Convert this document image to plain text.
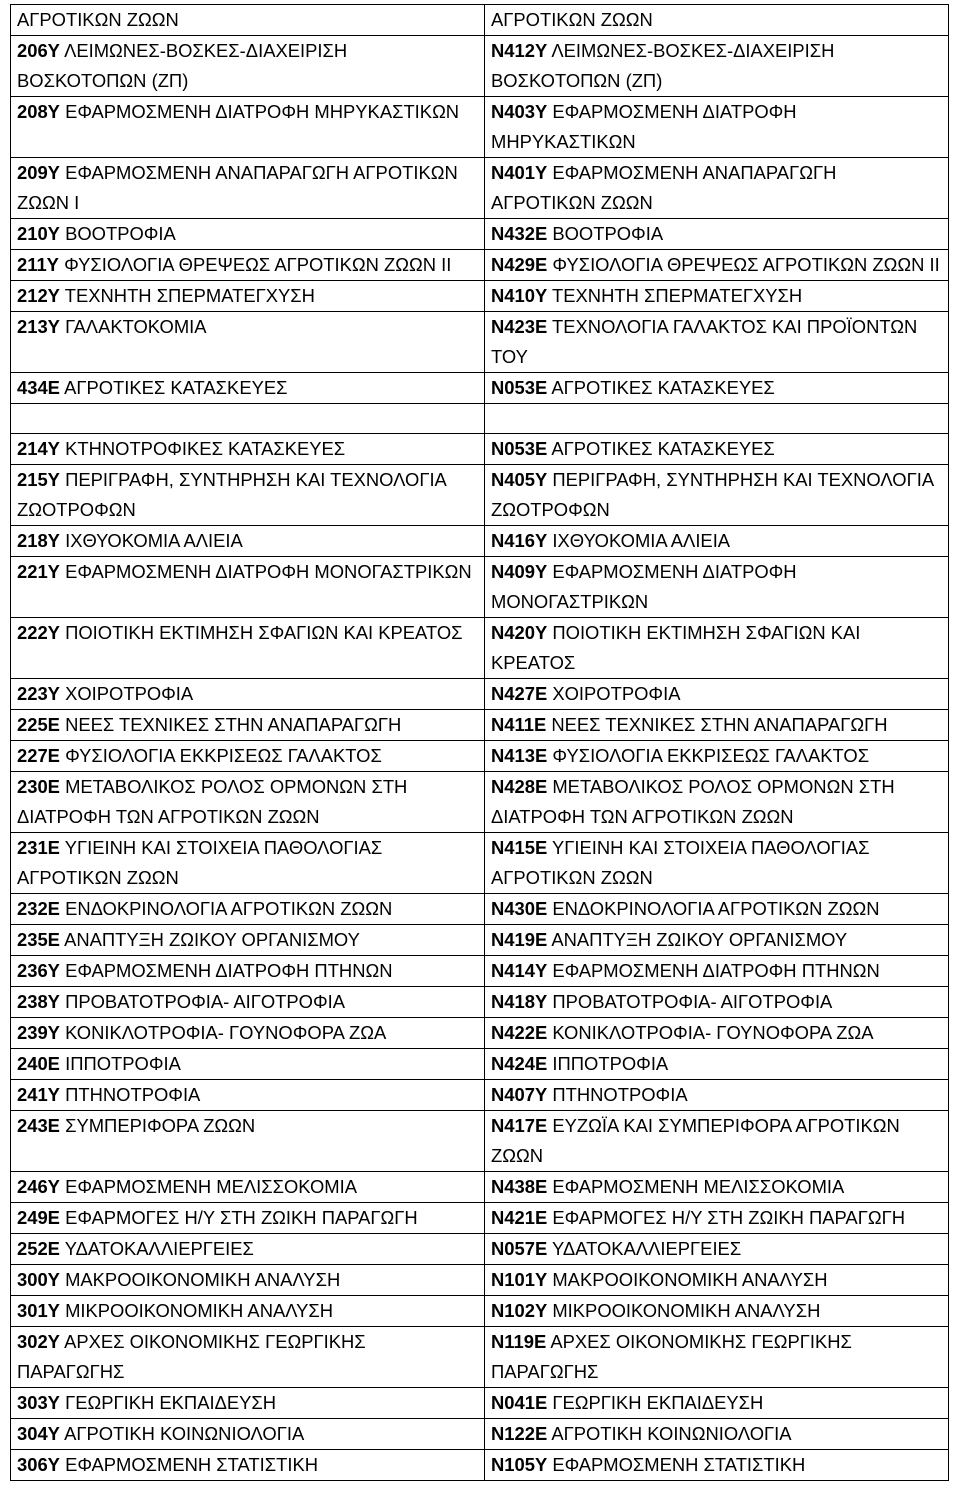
ΑΓΡΟΤΙΚΩΝ ΖΩΩΝ	ΑΓΡΟΤΙΚΩΝ ΖΩΩΝ
206Υ ΛΕΙΜΩΝΕΣ-ΒΟΣΚΕΣ-ΔΙΑΧΕΙΡΙΣΗ ΒΟΣΚΟΤΟΠΩΝ (ΖΠ)	Ν412Υ ΛΕΙΜΩΝΕΣ-ΒΟΣΚΕΣ-ΔΙΑΧΕΙΡΙΣΗ ΒΟΣΚΟΤΟΠΩΝ (ΖΠ)
208Υ ΕΦΑΡΜΟΣΜΕΝΗ ΔΙΑΤΡΟΦΗ ΜΗΡΥΚΑΣΤΙΚΩΝ	Ν403Υ ΕΦΑΡΜΟΣΜΕΝΗ ΔΙΑΤΡΟΦΗ ΜΗΡΥΚΑΣΤΙΚΩΝ
209Υ ΕΦΑΡΜΟΣΜΕΝΗ ΑΝΑΠΑΡΑΓΩΓΗ ΑΓΡΟΤΙΚΩΝ ΖΩΩΝ Ι	Ν401Υ ΕΦΑΡΜΟΣΜΕΝΗ ΑΝΑΠΑΡΑΓΩΓΗ ΑΓΡΟΤΙΚΩΝ ΖΩΩΝ
210Υ ΒΟΟΤΡΟΦΙΑ	Ν432Ε ΒΟΟΤΡΟΦΙΑ
211Υ ΦΥΣΙΟΛΟΓΙΑ ΘΡΕΨΕΩΣ ΑΓΡΟΤΙΚΩΝ ΖΩΩΝ ΙΙ	Ν429Ε ΦΥΣΙΟΛΟΓΙΑ ΘΡΕΨΕΩΣ ΑΓΡΟΤΙΚΩΝ ΖΩΩΝ ΙΙ
212Υ ΤΕΧΝΗΤΗ ΣΠΕΡΜΑΤΕΓΧΥΣΗ	Ν410Υ ΤΕΧΝΗΤΗ ΣΠΕΡΜΑΤΕΓΧΥΣΗ
213Υ ΓΑΛΑΚΤΟΚΟΜΙΑ	Ν423Ε ΤΕΧΝΟΛΟΓΙΑ ΓΑΛΑΚΤΟΣ ΚΑΙ ΠΡΟΪΟΝΤΩΝ ΤΟΥ
434Ε ΑΓΡΟΤΙΚΕΣ ΚΑΤΑΣΚΕΥΕΣ	Ν053Ε ΑΓΡΟΤΙΚΕΣ ΚΑΤΑΣΚΕΥΕΣ

214Υ ΚΤΗΝΟΤΡΟΦΙΚΕΣ ΚΑΤΑΣΚΕΥΕΣ	Ν053Ε ΑΓΡΟΤΙΚΕΣ ΚΑΤΑΣΚΕΥΕΣ
215Υ ΠΕΡΙΓΡΑΦΗ, ΣΥΝΤΗΡΗΣΗ ΚΑΙ ΤΕΧΝΟΛΟΓΙΑ ΖΩΟΤΡΟΦΩΝ	Ν405Υ ΠΕΡΙΓΡΑΦΗ, ΣΥΝΤΗΡΗΣΗ ΚΑΙ ΤΕΧΝΟΛΟΓΙΑ ΖΩΟΤΡΟΦΩΝ
218Υ ΙΧΘΥΟΚΟΜΙΑ ΑΛΙΕΙΑ	Ν416Υ ΙΧΘΥΟΚΟΜΙΑ ΑΛΙΕΙΑ
221Υ ΕΦΑΡΜΟΣΜΕΝΗ ΔΙΑΤΡΟΦΗ ΜΟΝΟΓΑΣΤΡΙΚΩΝ	Ν409Υ ΕΦΑΡΜΟΣΜΕΝΗ ΔΙΑΤΡΟΦΗ ΜΟΝΟΓΑΣΤΡΙΚΩΝ
222Υ ΠΟΙΟΤΙΚΗ ΕΚΤΙΜΗΣΗ ΣΦΑΓΙΩΝ ΚΑΙ ΚΡΕΑΤΟΣ	Ν420Υ ΠΟΙΟΤΙΚΗ ΕΚΤΙΜΗΣΗ ΣΦΑΓΙΩΝ ΚΑΙ ΚΡΕΑΤΟΣ
223Υ ΧΟΙΡΟΤΡΟΦΙΑ	Ν427Ε ΧΟΙΡΟΤΡΟΦΙΑ
225Ε ΝΕΕΣ ΤΕΧΝΙΚΕΣ ΣΤΗΝ ΑΝΑΠΑΡΑΓΩΓΗ	Ν411Ε ΝΕΕΣ ΤΕΧΝΙΚΕΣ ΣΤΗΝ ΑΝΑΠΑΡΑΓΩΓΗ
227Ε ΦΥΣΙΟΛΟΓΙΑ ΕΚΚΡΙΣΕΩΣ ΓΑΛΑΚΤΟΣ	Ν413Ε ΦΥΣΙΟΛΟΓΙΑ ΕΚΚΡΙΣΕΩΣ ΓΑΛΑΚΤΟΣ
230Ε ΜΕΤΑΒΟΛΙΚΟΣ ΡΟΛΟΣ ΟΡΜΟΝΩΝ ΣΤΗ ΔΙΑΤΡΟΦΗ ΤΩΝ ΑΓΡΟΤΙΚΩΝ ΖΩΩΝ	Ν428Ε ΜΕΤΑΒΟΛΙΚΟΣ ΡΟΛΟΣ ΟΡΜΟΝΩΝ ΣΤΗ ΔΙΑΤΡΟΦΗ ΤΩΝ ΑΓΡΟΤΙΚΩΝ ΖΩΩΝ
231Ε ΥΓΙΕΙΝΗ ΚΑΙ ΣΤΟΙΧΕΙΑ ΠΑΘΟΛΟΓΙΑΣ ΑΓΡΟΤΙΚΩΝ ΖΩΩΝ	Ν415Ε ΥΓΙΕΙΝΗ ΚΑΙ ΣΤΟΙΧΕΙΑ ΠΑΘΟΛΟΓΙΑΣ ΑΓΡΟΤΙΚΩΝ ΖΩΩΝ
232Ε ΕΝΔΟΚΡΙΝΟΛΟΓΙΑ ΑΓΡΟΤΙΚΩΝ ΖΩΩΝ	Ν430Ε ΕΝΔΟΚΡΙΝΟΛΟΓΙΑ ΑΓΡΟΤΙΚΩΝ ΖΩΩΝ
235Ε ΑΝΑΠΤΥΞΗ ΖΩΙΚΟΥ ΟΡΓΑΝΙΣΜΟΥ	Ν419Ε ΑΝΑΠΤΥΞΗ ΖΩΙΚΟΥ ΟΡΓΑΝΙΣΜΟΥ
236Υ ΕΦΑΡΜΟΣΜΕΝΗ ΔΙΑΤΡΟΦΗ ΠΤΗΝΩΝ	Ν414Υ ΕΦΑΡΜΟΣΜΕΝΗ ΔΙΑΤΡΟΦΗ ΠΤΗΝΩΝ
238Υ ΠΡΟΒΑΤΟΤΡΟΦΙΑ- ΑΙΓΟΤΡΟΦΙΑ	Ν418Υ ΠΡΟΒΑΤΟΤΡΟΦΙΑ- ΑΙΓΟΤΡΟΦΙΑ
239Υ ΚΟΝΙΚΛΟΤΡΟΦΙΑ- ΓΟΥΝΟΦΟΡΑ ΖΩΑ	Ν422Ε ΚΟΝΙΚΛΟΤΡΟΦΙΑ- ΓΟΥΝΟΦΟΡΑ ΖΩΑ
240Ε ΙΠΠΟΤΡΟΦΙΑ	Ν424Ε ΙΠΠΟΤΡΟΦΙΑ
241Υ ΠΤΗΝΟΤΡΟΦΙΑ	Ν407Υ ΠΤΗΝΟΤΡΟΦΙΑ
243Ε ΣΥΜΠΕΡΙΦΟΡΑ ΖΩΩΝ	Ν417Ε ΕΥΖΩΪΑ ΚΑΙ ΣΥΜΠΕΡΙΦΟΡΑ ΑΓΡΟΤΙΚΩΝ ΖΩΩΝ
246Υ ΕΦΑΡΜΟΣΜΕΝΗ ΜΕΛΙΣΣΟΚΟΜΙΑ	Ν438Ε ΕΦΑΡΜΟΣΜΕΝΗ ΜΕΛΙΣΣΟΚΟΜΙΑ
249Ε ΕΦΑΡΜΟΓΕΣ Η/Υ ΣΤΗ ΖΩΙΚΗ ΠΑΡΑΓΩΓΗ	Ν421Ε ΕΦΑΡΜΟΓΕΣ Η/Υ ΣΤΗ ΖΩΙΚΗ ΠΑΡΑΓΩΓΗ
252Ε ΥΔΑΤΟΚΑΛΛΙΕΡΓΕΙΕΣ	Ν057Ε ΥΔΑΤΟΚΑΛΛΙΕΡΓΕΙΕΣ
300Υ ΜΑΚΡΟΟΙΚΟΝΟΜΙΚΗ ΑΝΑΛΥΣΗ	Ν101Υ ΜΑΚΡΟΟΙΚΟΝΟΜΙΚΗ ΑΝΑΛΥΣΗ
301Υ ΜΙΚΡΟΟΙΚΟΝΟΜΙΚΗ ΑΝΑΛΥΣΗ	Ν102Υ ΜΙΚΡΟΟΙΚΟΝΟΜΙΚΗ ΑΝΑΛΥΣΗ
302Υ ΑΡΧΕΣ ΟΙΚΟΝΟΜΙΚΗΣ ΓΕΩΡΓΙΚΗΣ ΠΑΡΑΓΩΓΗΣ	Ν119Ε ΑΡΧΕΣ ΟΙΚΟΝΟΜΙΚΗΣ ΓΕΩΡΓΙΚΗΣ ΠΑΡΑΓΩΓΗΣ
303Υ ΓΕΩΡΓΙΚΗ ΕΚΠΑΙΔΕΥΣΗ	Ν041Ε ΓΕΩΡΓΙΚΗ ΕΚΠΑΙΔΕΥΣΗ
304Υ ΑΓΡΟΤΙΚΗ ΚΟΙΝΩΝΙΟΛΟΓΙΑ	Ν122Ε ΑΓΡΟΤΙΚΗ ΚΟΙΝΩΝΙΟΛΟΓΙΑ
306Υ ΕΦΑΡΜΟΣΜΕΝΗ ΣΤΑΤΙΣΤΙΚΗ	Ν105Υ ΕΦΑΡΜΟΣΜΕΝΗ ΣΤΑΤΙΣΤΙΚΗ
